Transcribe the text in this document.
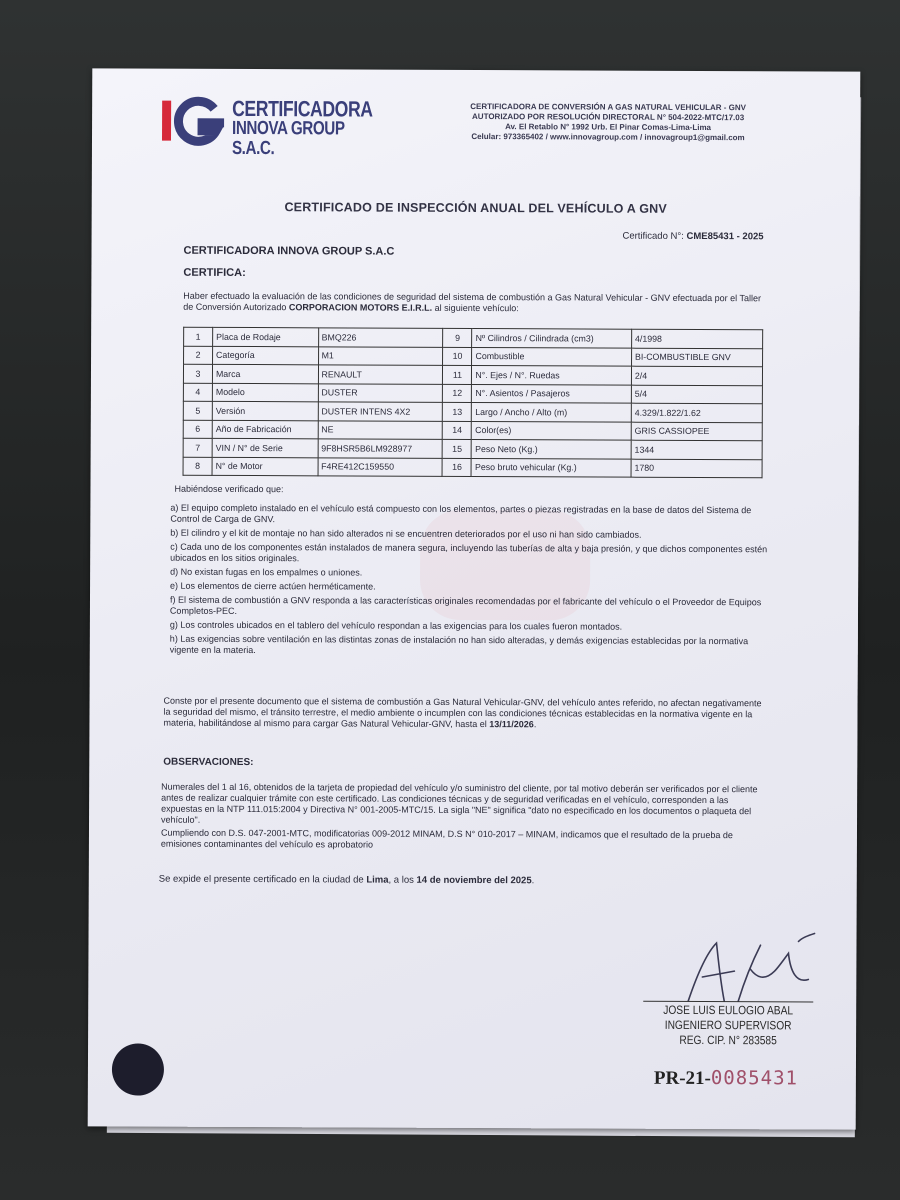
CERTIFICADORA
INNOVA GROUP S.A.C.
CERTIFICADORA DE CONVERSIÓN A GAS NATURAL VEHICULAR - GNV
AUTORIZADO POR RESOLUCIÓN DIRECTORAL N° 504-2022-MTC/17.03
Av. El Retablo N° 1992 Urb. El Pinar Comas-Lima-Lima
Celular: 973365402 / www.innovagroup.com / innovagroup1@gmail.com
CERTIFICADO DE INSPECCIÓN ANUAL DEL VEHÍCULO A GNV
Certificado N°: CME85431 - 2025
CERTIFICADORA INNOVA GROUP S.A.C
CERTIFICA:
Haber efectuado la evaluación de las condiciones de seguridad del sistema de combustión a Gas Natural Vehicular - GNV efectuada por el Taller de Conversión Autorizado CORPORACION MOTORS E.I.R.L. al siguiente vehículo:
1	Placa de Rodaje	BMQ226	9	Nº Cilindros / Cilindrada (cm3)	4/1998
2	Categoría	M1	10	Combustible	BI-COMBUSTIBLE GNV
3	Marca	RENAULT	11	N°. Ejes / N°. Ruedas	2/4
4	Modelo	DUSTER	12	N°. Asientos / Pasajeros	5/4
5	Versión	DUSTER INTENS 4X2	13	Largo / Ancho / Alto (m)	4.329/1.822/1.62
6	Año de Fabricación	NE	14	Color(es)	GRIS CASSIOPEE
7	VIN / N° de Serie	9F8HSR5B6LM928977	15	Peso Neto (Kg.)	1344
8	N° de Motor	F4RE412C159550	16	Peso bruto vehicular (Kg.)	1780
Habiéndose verificado que:
a) El equipo completo instalado en el vehículo está compuesto con los elementos, partes o piezas registradas en la base de datos del Sistema de Control de Carga de GNV.
b) El cilindro y el kit de montaje no han sido alterados ni se encuentren deteriorados por el uso ni han sido cambiados.
c) Cada uno de los componentes están instalados de manera segura, incluyendo las tuberías de alta y baja presión, y que dichos componentes estén ubicados en los sitios originales.
d) No existan fugas en los empalmes o uniones.
e) Los elementos de cierre actúen herméticamente.
f) El sistema de combustión a GNV responda a las características originales recomendadas por el fabricante del vehículo o el Proveedor de Equipos Completos-PEC.
g) Los controles ubicados en el tablero del vehículo respondan a las exigencias para los cuales fueron montados.
h) Las exigencias sobre ventilación en las distintas zonas de instalación no han sido alteradas, y demás exigencias establecidas por la normativa vigente en la materia.
Conste por el presente documento que el sistema de combustión a Gas Natural Vehicular-GNV, del vehículo antes referido, no afectan negativamente la seguridad del mismo, el tránsito terrestre, el medio ambiente o incumplen con las condiciones técnicas establecidas en la normativa vigente en la materia, habilitándose al mismo para cargar Gas Natural Vehicular-GNV, hasta el 13/11/2026.
OBSERVACIONES:
Numerales del 1 al 16, obtenidos de la tarjeta de propiedad del vehículo y/o suministro del cliente, por tal motivo deberán ser verificados por el cliente antes de realizar cualquier trámite con este certificado. Las condiciones técnicas y de seguridad verificadas en el vehículo, corresponden a las expuestas en la NTP 111.015:2004 y Directiva N° 001-2005-MTC/15. La sigla "NE" significa "dato no especificado en los documentos o plaqueta del vehículo".
Cumpliendo con D.S. 047-2001-MTC, modificatorias 009-2012 MINAM, D.S N° 010-2017 – MINAM, indicamos que el resultado de la prueba de emisiones contaminantes del vehículo es aprobatorio
Se expide el presente certificado en la ciudad de Lima, a los 14 de noviembre del 2025.
JOSE LUIS EULOGIO ABAL
INGENIERO SUPERVISOR
REG. CIP. N° 283585
PR-21-0085431
